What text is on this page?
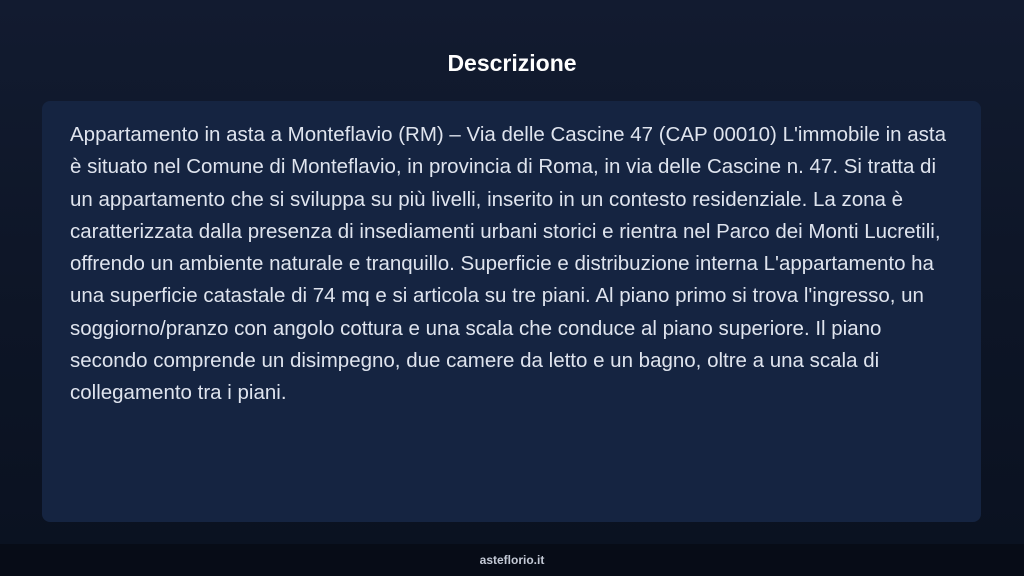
Descrizione

Appartamento in asta a Monteflavio (RM) – Via delle Cascine 47 (CAP 00010) L'immobile in asta è situato nel Comune di Monteflavio, in provincia di Roma, in via delle Cascine n. 47. Si tratta di un appartamento che si sviluppa su più livelli, inserito in un contesto residenziale. La zona è caratterizzata dalla presenza di insediamenti urbani storici e rientra nel Parco dei Monti Lucretili, offrendo un ambiente naturale e tranquillo. Superficie e distribuzione interna L'appartamento ha una superficie catastale di 74 mq e si articola su tre piani. Al piano primo si trova l'ingresso, un soggiorno/pranzo con angolo cottura e una scala che conduce al piano superiore. Il piano secondo comprende un disimpegno, due camere da letto e un bagno, oltre a una scala di collegamento tra i piani.

asteflorio.it
